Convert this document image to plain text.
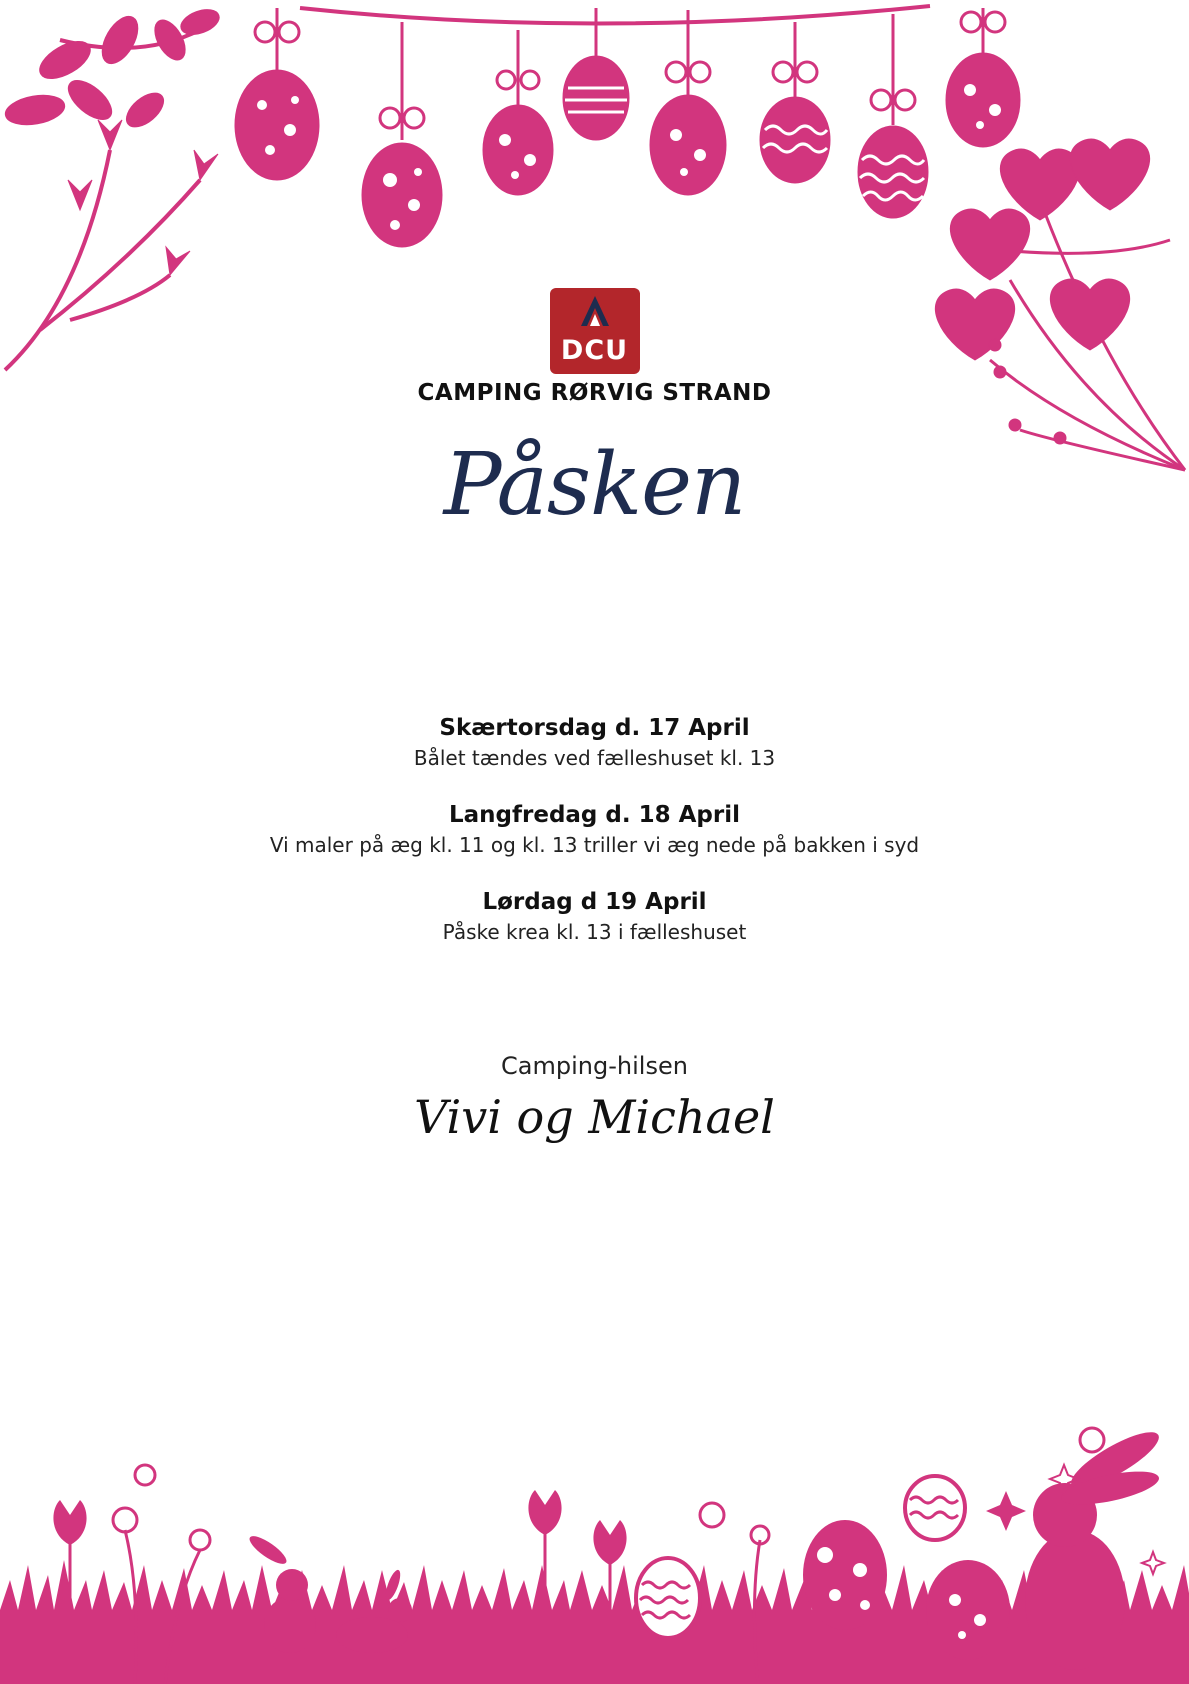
DCU
CAMPING RØRVIG STRAND
Påsken
Skærtorsdag d. 17 April
Bålet tændes ved fælleshuset kl. 13
Langfredag d. 18 April
Vi maler på æg kl. 11 og kl. 13 triller vi æg nede på bakken i syd
Lørdag d 19 April
Påske krea kl. 13 i fælleshuset
Camping-hilsen
Vivi og Michael
